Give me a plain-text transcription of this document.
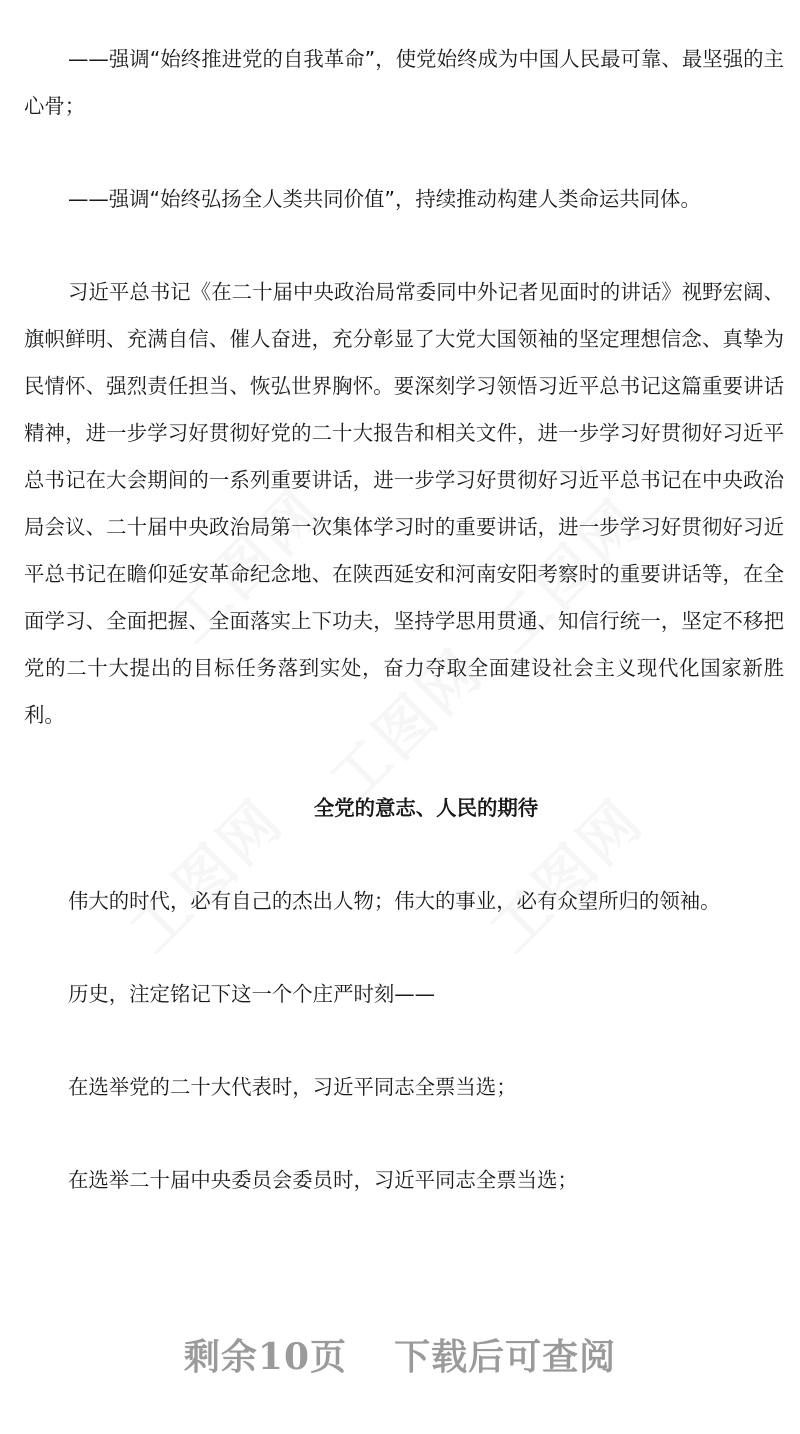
——强调“始终推进党的自我革命”，使党始终成为中国人民最可靠、最坚强的主心骨；

——强调“始终弘扬全人类共同价值”，持续推动构建人类命运共同体。

习近平总书记《在二十届中央政治局常委同中外记者见面时的讲话》视野宏阔、旗帜鲜明、充满自信、催人奋进，充分彰显了大党大国领袖的坚定理想信念、真挚为民情怀、强烈责任担当、恢弘世界胸怀。要深刻学习领悟习近平总书记这篇重要讲话精神，进一步学习好贯彻好党的二十大报告和相关文件，进一步学习好贯彻好习近平总书记在大会期间的一系列重要讲话，进一步学习好贯彻好习近平总书记在中央政治局会议、二十届中央政治局第一次集体学习时的重要讲话，进一步学习好贯彻好习近平总书记在瞻仰延安革命纪念地、在陕西延安和河南安阳考察时的重要讲话等，在全面学习、全面把握、全面落实上下功夫，坚持学思用贯通、知信行统一，坚定不移把党的二十大提出的目标任务落到实处，奋力夺取全面建设社会主义现代化国家新胜利。

全党的意志、人民的期待

伟大的时代，必有自己的杰出人物；伟大的事业，必有众望所归的领袖。

历史，注定铭记下这一个个庄严时刻——

在选举党的二十大代表时，习近平同志全票当选；

在选举二十届中央委员会委员时，习近平同志全票当选；

剩余10页 下载后可查阅
